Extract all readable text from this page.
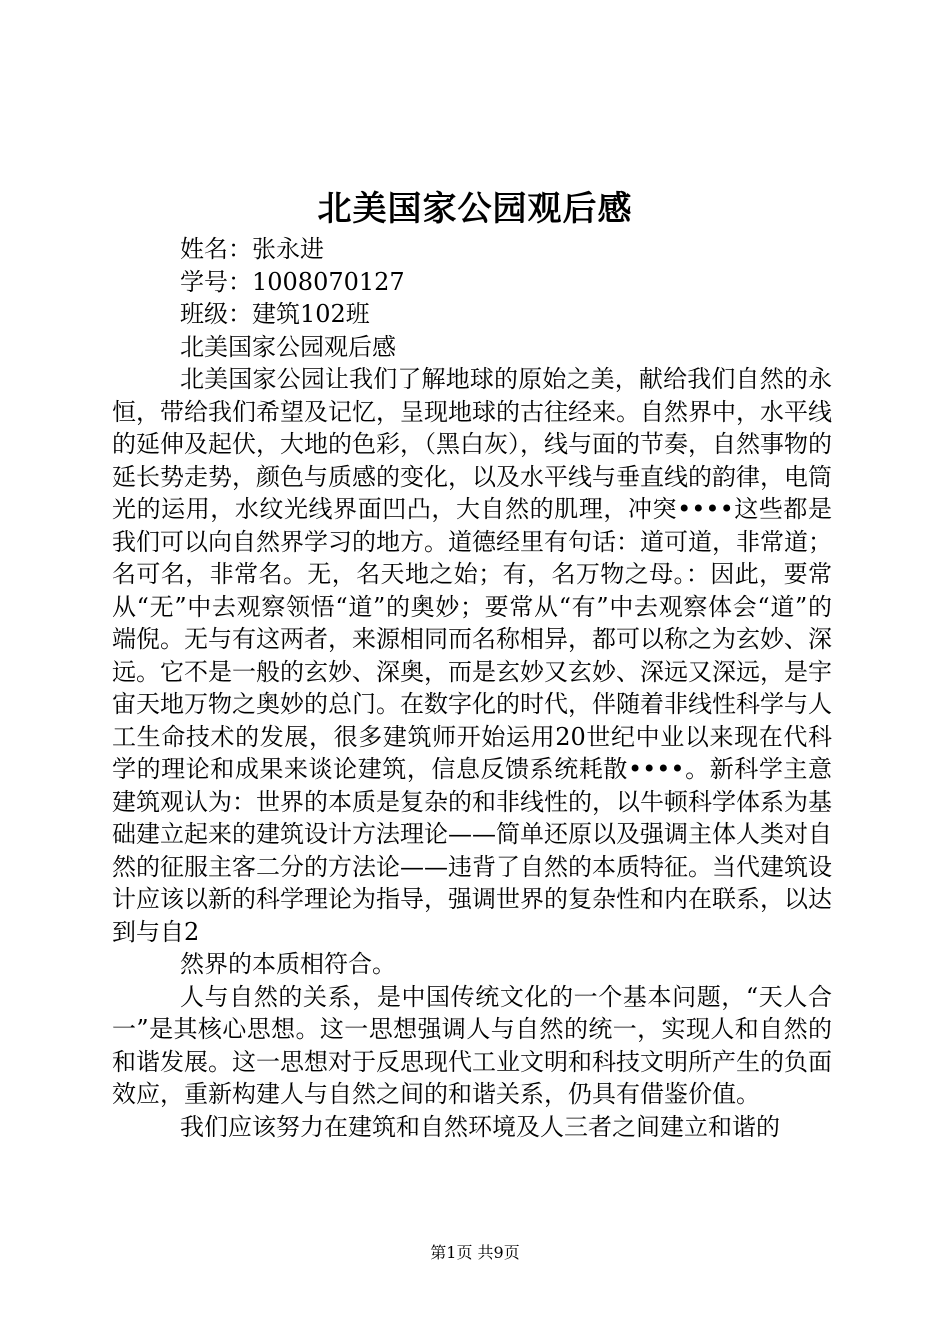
北美国家公园观后感

姓名：张永进

学号：1008070127

班级：建筑102班

北美国家公园观后感

北美国家公园让我们了解地球的原始之美，献给我们自然的永恒，带给我们希望及记忆，呈现地球的古往经来。自然界中，水平线的延伸及起伏，大地的色彩，（黑白灰），线与面的节奏，自然事物的延长势走势，颜色与质感的变化，以及水平线与垂直线的韵律，电筒光的运用，水纹光线界面凹凸，大自然的肌理，冲突••••这些都是我们可以向自然界学习的地方。道德经里有句话：道可道，非常道；名可名，非常名。无，名天地之始；有，名万物之母。：因此，要常从“无”中去观察领悟“道”的奥妙；要常从“有”中去观察体会“道”的端倪。无与有这两者，来源相同而名称相异，都可以称之为玄妙、深远。它不是一般的玄妙、深奥，而是玄妙又玄妙、深远又深远，是宇宙天地万物之奥妙的总门。在数字化的时代，伴随着非线性科学与人工生命技术的发展，很多建筑师开始运用20世纪中业以来现在代科学的理论和成果来谈论建筑，信息反馈系统耗散••••。新科学主意建筑观认为：世界的本质是复杂的和非线性的，以牛顿科学体系为基础建立起来的建筑设计方法理论——简单还原以及强调主体人类对自然的征服主客二分的方法论——违背了自然的本质特征。当代建筑设计应该以新的科学理论为指导，强调世界的复杂性和内在联系，以达到与自2

然界的本质相符合。

人与自然的关系，是中国传统文化的一个基本问题，“天人合一”是其核心思想。这一思想强调人与自然的统一，实现人和自然的和谐发展。这一思想对于反思现代工业文明和科技文明所产生的负面效应，重新构建人与自然之间的和谐关系，仍具有借鉴价值。

我们应该努力在建筑和自然环境及人三者之间建立和谐的

第1页 共9页
